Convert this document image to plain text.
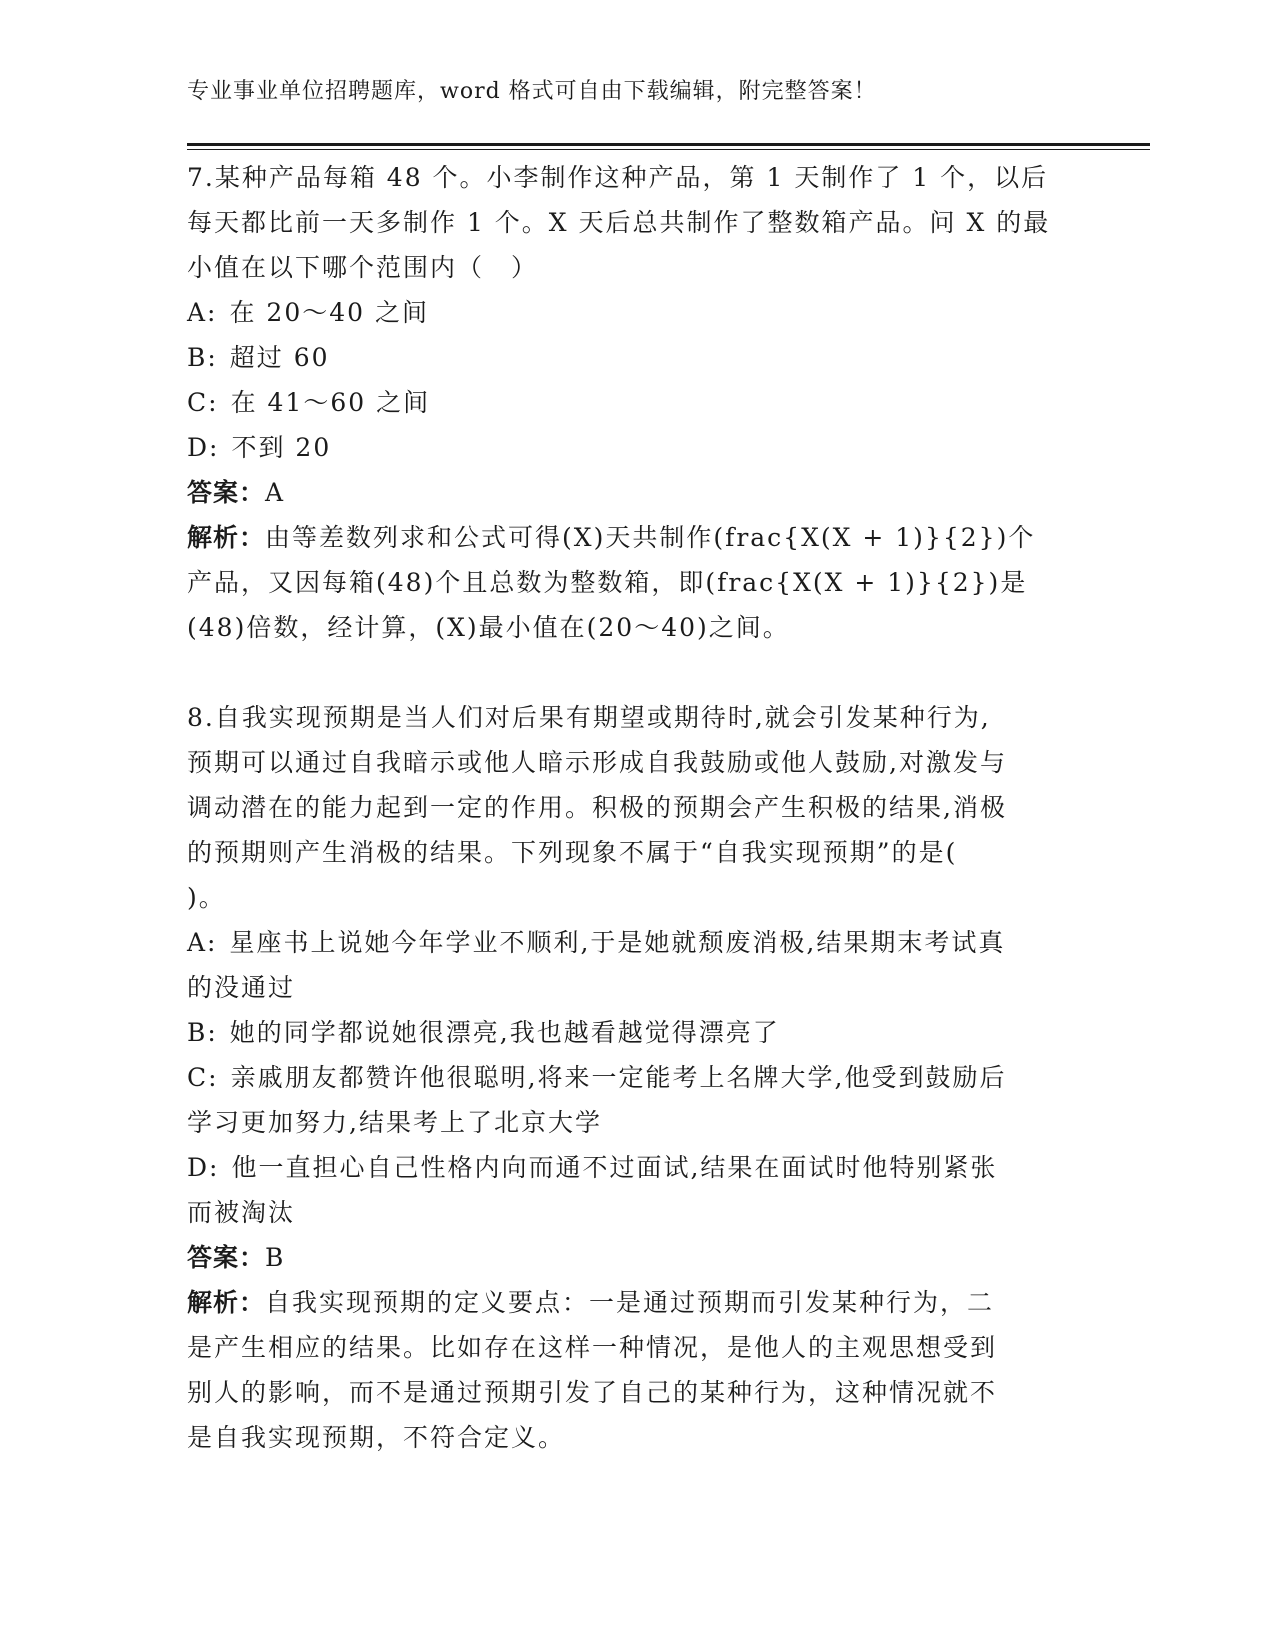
专业事业单位招聘题库，word 格式可自由下载编辑，附完整答案！
7.某种产品每箱 48 个。小李制作这种产品，第 1 天制作了 1 个，以后
每天都比前一天多制作 1 个。X 天后总共制作了整数箱产品。问 X 的最
小值在以下哪个范围内（　）
A: 在 20～40 之间
B: 超过 60
C: 在 41～60 之间
D: 不到 20
答案：A
解析：由等差数列求和公式可得(X)天共制作(frac{X(X + 1)}{2})个
产品，又因每箱(48)个且总数为整数箱，即(frac{X(X + 1)}{2})是
(48)倍数，经计算，(X)最小值在(20～40)之间。
8.自我实现预期是当人们对后果有期望或期待时,就会引发某种行为,
预期可以通过自我暗示或他人暗示形成自我鼓励或他人鼓励,对激发与
调动潜在的能力起到一定的作用。积极的预期会产生积极的结果,消极
的预期则产生消极的结果。下列现象不属于“自我实现预期”的是(
)。
A: 星座书上说她今年学业不顺利,于是她就颓废消极,结果期末考试真
的没通过
B: 她的同学都说她很漂亮,我也越看越觉得漂亮了
C: 亲戚朋友都赞许他很聪明,将来一定能考上名牌大学,他受到鼓励后
学习更加努力,结果考上了北京大学
D: 他一直担心自己性格内向而通不过面试,结果在面试时他特别紧张
而被淘汰
答案：B
解析：自我实现预期的定义要点：一是通过预期而引发某种行为，二
是产生相应的结果。比如存在这样一种情况，是他人的主观思想受到
别人的影响，而不是通过预期引发了自己的某种行为，这种情况就不
是自我实现预期，不符合定义。
